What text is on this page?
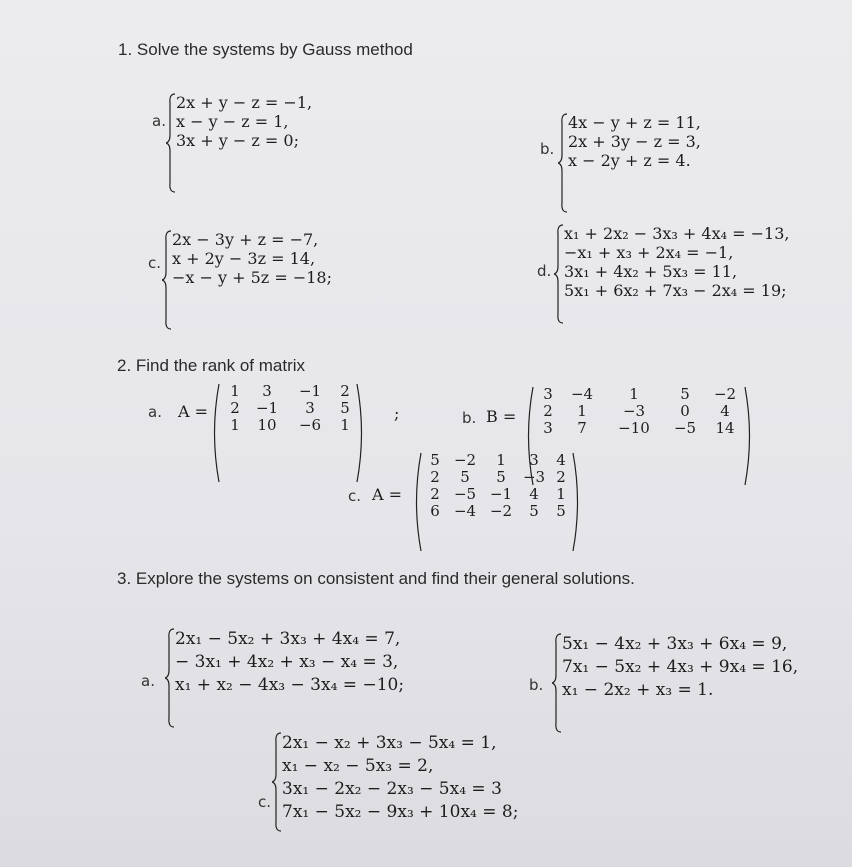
1. Solve the systems by Gauss method
a.
2x + y − z = −1,
x − y − z = 1,
3x + y − z = 0;	b.
4x − y + z = 11,
2x + 3y − z = 3,
x − 2y + z = 4.
c.
2x − 3y + z = −7,
x + 2y − 3z = 14,
−x − y + 5z = −18;	d.
x₁ + 2x₂ − 3x₃ + 4x₄ = −13,
−x₁ + x₃ + 2x₄ = −1,
3x₁ + 4x₂ + 5x₃ = 11,
5x₁ + 6x₂ + 7x₃ − 2x₄ = 19;
2. Find the rank of matrix
a. A =
1	3	−1	2
2	−1	3	5
1	10	−6	1
;	b. B =
3	−4	1	5	−2
2	1	−3	0	4
3	7	−10	−5	14
c. A =
5	−2	1	3	4
2	5	5	−3	2
2	−5	−1	4	1
6	−4	−2	5	5
3. Explore the systems on consistent and find their general solutions.
a.
2x₁ − 5x₂ + 3x₃ + 4x₄ = 7,
− 3x₁ + 4x₂ + x₃ − x₄ = 3,
x₁ + x₂ − 4x₃ − 3x₄ = −10;	b.
5x₁ − 4x₂ + 3x₃ + 6x₄ = 9,
7x₁ − 5x₂ + 4x₃ + 9x₄ = 16,
x₁ − 2x₂ + x₃ = 1.
c.
2x₁ − x₂ + 3x₃ − 5x₄ = 1,
x₁ − x₂ − 5x₃ = 2,
3x₁ − 2x₂ − 2x₃ − 5x₄ = 3
7x₁ − 5x₂ − 9x₃ + 10x₄ = 8;
